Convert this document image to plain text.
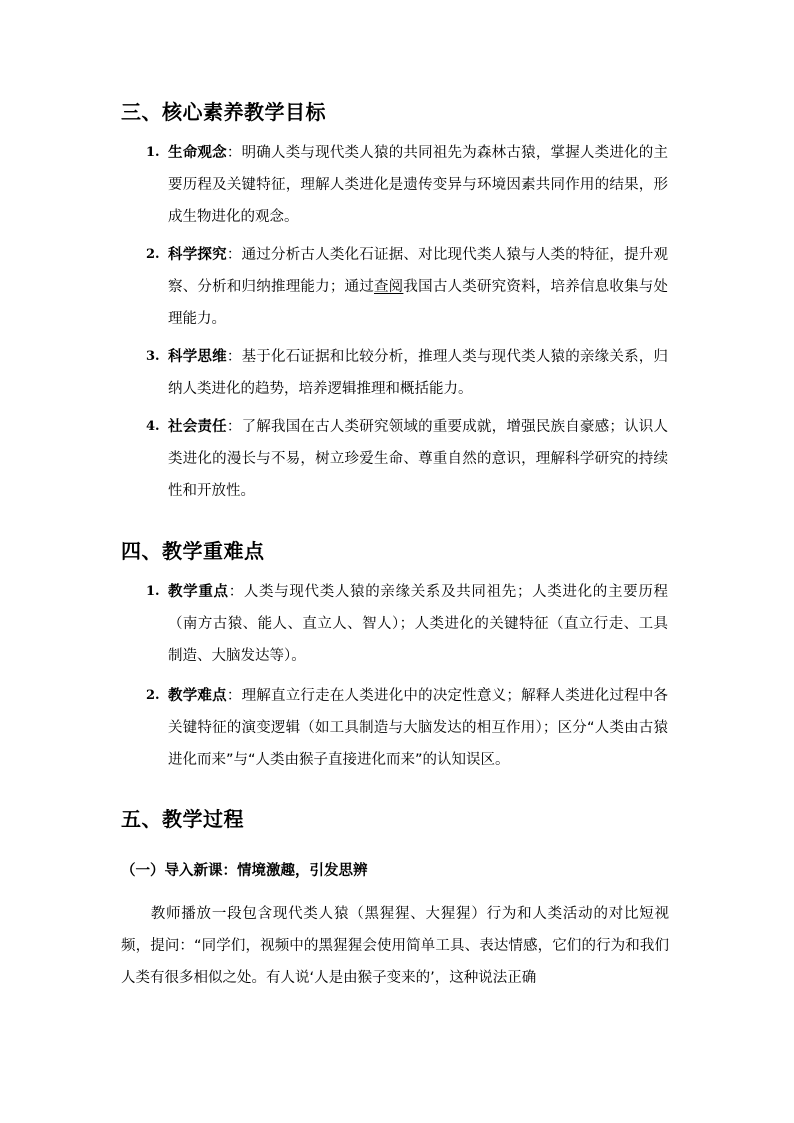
三、核心素养教学目标
1. 生命观念：明确人类与现代类人猿的共同祖先为森林古猿，掌握人类进化的主要历程及关键特征，理解人类进化是遗传变异与环境因素共同作用的结果，形成生物进化的观念。
2. 科学探究：通过分析古人类化石证据、对比现代类人猿与人类的特征，提升观察、分析和归纳推理能力；通过查阅我国古人类研究资料，培养信息收集与处理能力。
3. 科学思维：基于化石证据和比较分析，推理人类与现代类人猿的亲缘关系，归纳人类进化的趋势，培养逻辑推理和概括能力。
4. 社会责任：了解我国在古人类研究领域的重要成就，增强民族自豪感；认识人类进化的漫长与不易，树立珍爱生命、尊重自然的意识，理解科学研究的持续性和开放性。
四、教学重难点
1. 教学重点：人类与现代类人猿的亲缘关系及共同祖先；人类进化的主要历程（南方古猿、能人、直立人、智人）；人类进化的关键特征（直立行走、工具制造、大脑发达等）。
2. 教学难点：理解直立行走在人类进化中的决定性意义；解释人类进化过程中各关键特征的演变逻辑（如工具制造与大脑发达的相互作用）；区分“人类由古猿进化而来”与“人类由猴子直接进化而来”的认知误区。
五、教学过程
（一）导入新课：情境激趣，引发思辨
教师播放一段包含现代类人猿（黑猩猩、大猩猩）行为和人类活动的对比短视频，提问：“同学们，视频中的黑猩猩会使用简单工具、表达情感，它们的行为和我们人类有很多相似之处。有人说‘人是由猴子变来的’，这种说法正确
